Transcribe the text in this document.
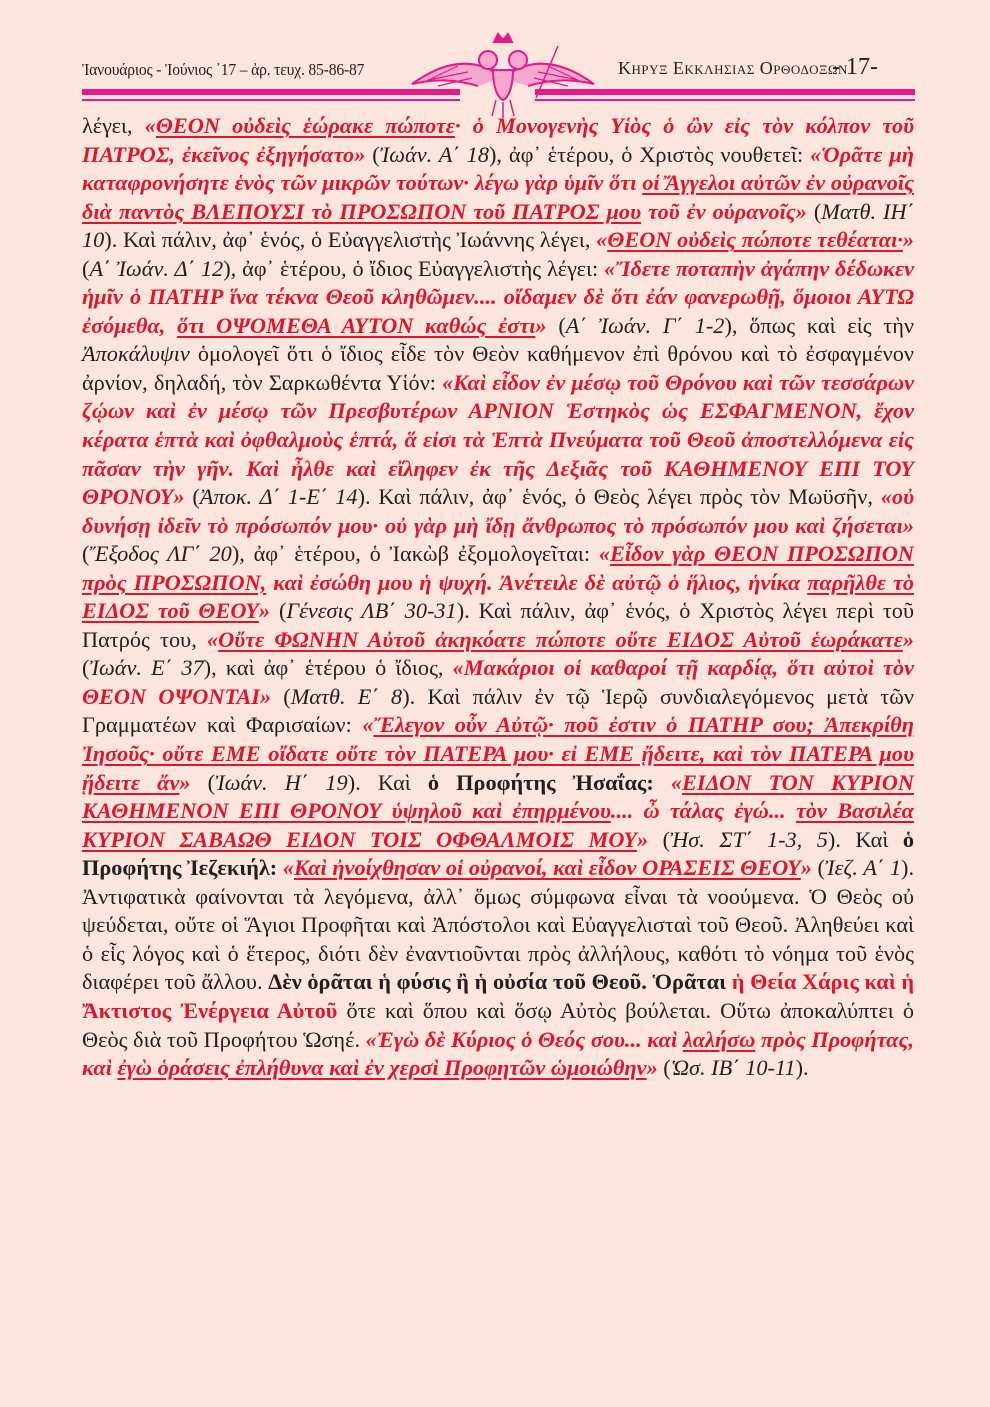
Ἰανουάριος - Ἰούνιος ᾿17 – ἀρ. τευχ. 85-86-87	Κηρυξ Εκκλησιας Ορθοδοξων
- 17-
λέγει, «ΘΕΟΝ οὐδεὶς ἑώρακε πώποτε· ὁ Μονογενὴς Υἱὸς ὁ ὢν εἰς τὸν κόλπον τοῦ ΠΑΤΡΟΣ, ἐκεῖνος ἐξηγήσατο» (Ἰωάν. Α΄ 18), ἀφ᾿ ἑτέρου, ὁ Χριστὸς νουθετεῖ: «Ὁρᾶτε μὴ καταφρονήσητε ἑνὸς τῶν μικρῶν τούτων· λέγω γὰρ ὑμῖν ὅτι οἱ Ἄγγελοι αὐτῶν ἐν οὐρανοῖς διὰ παντὸς ΒΛΕΠΟΥΣΙ τὸ ΠΡΟΣΩΠΟΝ τοῦ ΠΑΤΡΟΣ μου τοῦ ἐν οὐρανοῖς» (Ματθ. ΙΗ΄ 10). Καὶ πάλιν, ἀφ᾿ ἑνός, ὁ Εὐαγγελιστὴς Ἰωάννης λέγει, «ΘΕΟΝ οὐδεὶς πώποτε τεθέαται·» (Α΄ Ἰωάν. Δ΄ 12), ἀφ᾿ ἑτέρου, ὁ ἴδιος Εὐαγγελιστὴς λέγει: «Ἴδετε ποταπὴν ἀγάπην δέδωκεν ἡμῖν ὁ ΠΑΤΗΡ ἵνα τέκνα Θεοῦ κληθῶμεν.... οἴδαμεν δὲ ὅτι ἐάν φανερωθῇ, ὅμοιοι ΑΥΤΩ ἐσόμεθα, ὅτι ΟΨΟΜΕΘΑ ΑΥΤΟΝ καθώς ἐστι» (Α΄ Ἰωάν. Γ΄ 1-2), ὅπως καὶ εἰς τὴν Ἀποκάλυψιν ὁμολογεῖ ὅτι ὁ ἴδιος εἶδε τὸν Θεὸν καθήμενον ἐπὶ θρόνου καὶ τὸ ἐσφαγμένον ἀρνίον, δηλαδή, τὸν Σαρκωθέντα Υἱόν: «Καὶ εἶδον ἐν μέσῳ τοῦ Θρόνου καὶ τῶν τεσσάρων ζῴων καὶ ἐν μέσῳ τῶν Πρεσβυτέρων ΑΡΝΙΟΝ Ἑστηκὸς ὡς ΕΣΦΑΓΜΕΝΟΝ, ἔχον κέρατα ἑπτὰ καὶ ὀφθαλμοὺς ἑπτά, ἅ εἰσι τὰ Ἑπτὰ Πνεύματα τοῦ Θεοῦ ἀποστελλόμενα εἰς πᾶσαν τὴν γῆν. Καὶ ἦλθε καὶ εἴληφεν ἐκ τῆς Δεξιᾶς τοῦ ΚΑΘΗΜΕΝΟΥ ΕΠΙ ΤΟΥ ΘΡΟΝΟΥ» (Ἀποκ. Δ΄ 1-Ε΄ 14). Καὶ πάλιν, ἀφ᾿ ἑνός, ὁ Θεὸς λέγει πρὸς τὸν Μωϋσῆν, «οὐ δυνήσῃ ἰδεῖν τὸ πρόσωπόν μου· οὐ γὰρ μὴ ἴδῃ ἄνθρωπος τὸ πρόσωπόν μου καὶ ζήσεται» (Ἔξοδος ΛΓ΄ 20), ἀφ᾿ ἑτέρου, ὁ Ἰακὼβ ἐξομολογεῖται: «Εἶδον γὰρ ΘΕΟΝ ΠΡΟΣΩΠΟΝ πρὸς ΠΡΟΣΩΠΟΝ, καὶ ἐσώθη μου ἡ ψυχή. Ἀνέτειλε δὲ αὐτῷ ὁ ἥλιος, ἡνίκα παρῆλθε τὸ ΕΙΔΟΣ τοῦ ΘΕΟΥ» (Γένεσις ΛΒ΄ 30-31). Καὶ πάλιν, ἀφ᾿ ἑνός, ὁ Χριστὸς λέγει περὶ τοῦ Πατρός του, «Οὔτε ΦΩΝΗΝ Αὐτοῦ ἀκηκόατε πώποτε οὔτε ΕΙΔΟΣ Αὐτοῦ ἑωράκατε» (Ἰωάν. Ε΄ 37), καὶ ἀφ᾿ ἑτέρου ὁ ἴδιος, «Μακάριοι οἱ καθαροί τῇ καρδίᾳ, ὅτι αὐτοὶ τὸν ΘΕΟΝ ΟΨΟΝΤΑΙ» (Ματθ. Ε΄ 8). Καὶ πάλιν ἐν τῷ Ἱερῷ συνδιαλεγόμενος μετὰ τῶν Γραμματέων καὶ Φαρισαίων: «Ἔλεγον οὖν Αὐτῷ· ποῦ ἐστιν ὁ ΠΑΤΗΡ σου; Ἀπεκρίθη Ἰησοῦς· οὔτε ΕΜΕ οἴδατε οὔτε τὸν ΠΑΤΕΡΑ μου· εἰ ΕΜΕ ᾔδειτε, καὶ τὸν ΠΑΤΕΡΑ μου ᾔδειτε ἄν» (Ἰωάν. Η΄ 19). Καὶ ὁ Προφήτης Ἠσαΐας: «ΕΙΔΟΝ ΤΟΝ ΚΥΡΙΟΝ ΚΑΘΗΜΕΝΟΝ ΕΠΙ ΘΡΟΝΟΥ ὑψηλοῦ καὶ ἐπηρμένου.... ὦ τάλας ἐγώ... τὸν Βασιλέα ΚΥΡΙΟΝ ΣΑΒΑΩΘ ΕΙΔΟΝ ΤΟΙΣ ΟΦΘΑΛΜΟΙΣ ΜΟΥ» (Ἠσ. ΣΤ΄ 1-3, 5). Καὶ ὁ Προφήτης Ἰεζεκιήλ: «Καὶ ἠνοίχθησαν οἱ οὐρανοί, καὶ εἶδον ΟΡΑΣΕΙΣ ΘΕΟΥ» (Ἰεζ. Α΄ 1). Ἀντιφατικὰ φαίνονται τὰ λεγόμενα, ἀλλ᾿ ὅμως σύμφωνα εἶναι τὰ νοούμενα. Ὁ Θεὸς οὐ ψεύδεται, οὔτε οἱ Ἅγιοι Προφῆται καὶ Ἀπόστολοι καὶ Εὐαγγελισταὶ τοῦ Θεοῦ. Ἀληθεύει καὶ ὁ εἷς λόγος καὶ ὁ ἕτερος, διότι δὲν ἐναντιοῦνται πρὸς ἀλλήλους, καθότι τὸ νόημα τοῦ ἑνὸς διαφέρει τοῦ ἄλλου. Δὲν ὁρᾶται ἡ φύσις ἢ ἡ οὐσία τοῦ Θεοῦ. Ὁρᾶται ἡ Θεία Χάρις καὶ ἡ Ἄκτιστος Ἐνέργεια Αὐτοῦ ὅτε καὶ ὅπου καὶ ὅσῳ Αὐτὸς βούλεται. Οὕτω ἀποκαλύπτει ὁ Θεὸς διὰ τοῦ Προφήτου Ὡσηέ. «Ἐγὼ δὲ Κύριος ὁ Θεός σου... καὶ λαλήσω πρὸς Προφήτας, καὶ ἐγὼ ὁράσεις ἐπλήθυνα καὶ ἐν χερσὶ Προφητῶν ὡμοιώθην» (Ὡσ. ΙΒ΄ 10-11).
